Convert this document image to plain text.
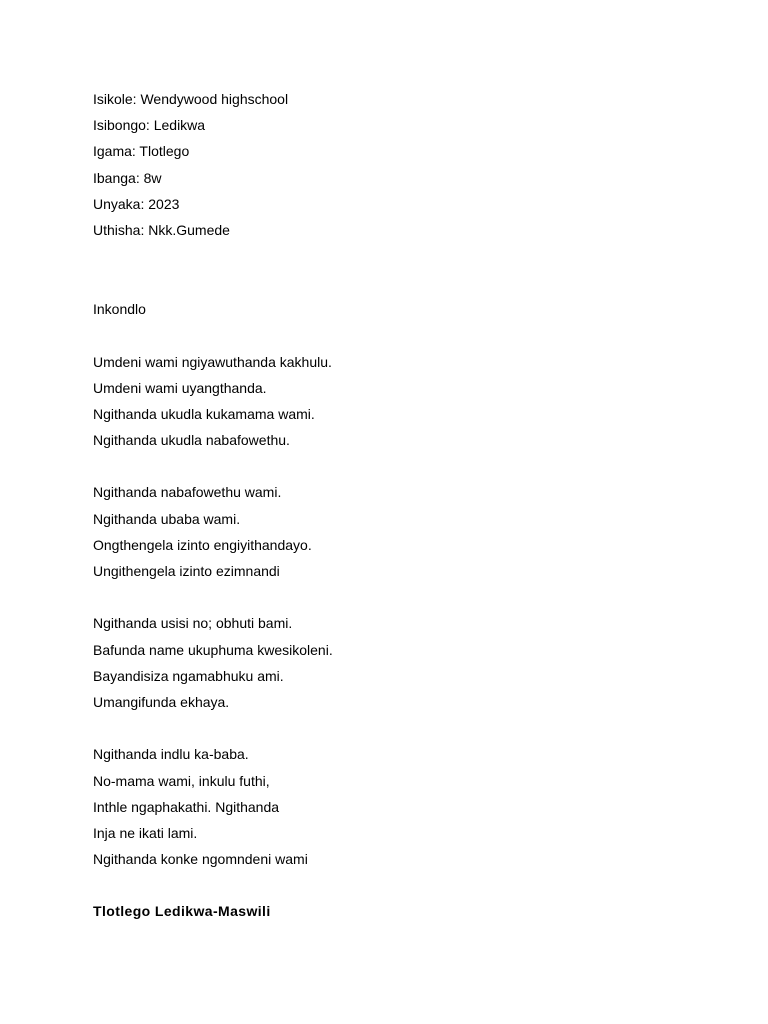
Isikole: Wendywood highschool
Isibongo: Ledikwa
Igama: Tlotlego
Ibanga: 8w
Unyaka: 2023
Uthisha: Nkk.Gumede
Inkondlo
Umdeni wami ngiyawuthanda kakhulu.
Umdeni wami uyangthanda.
Ngithanda ukudla kukamama wami.
Ngithanda ukudla nabafowethu.
Ngithanda nabafowethu wami.
Ngithanda ubaba wami.
Ongthengela izinto engiyithandayo.
Ungithengela izinto ezimnandi
Ngithanda usisi no; obhuti bami.
Bafunda name ukuphuma kwesikoleni.
Bayandisiza ngamabhuku ami.
Umangifunda ekhaya.
Ngithanda indlu ka-baba.
No-mama wami, inkulu futhi,
Inthle ngaphakathi. Ngithanda
Inja ne ikati lami.
Ngithanda konke ngomndeni wami
Tlotlego Ledikwa-Maswili
